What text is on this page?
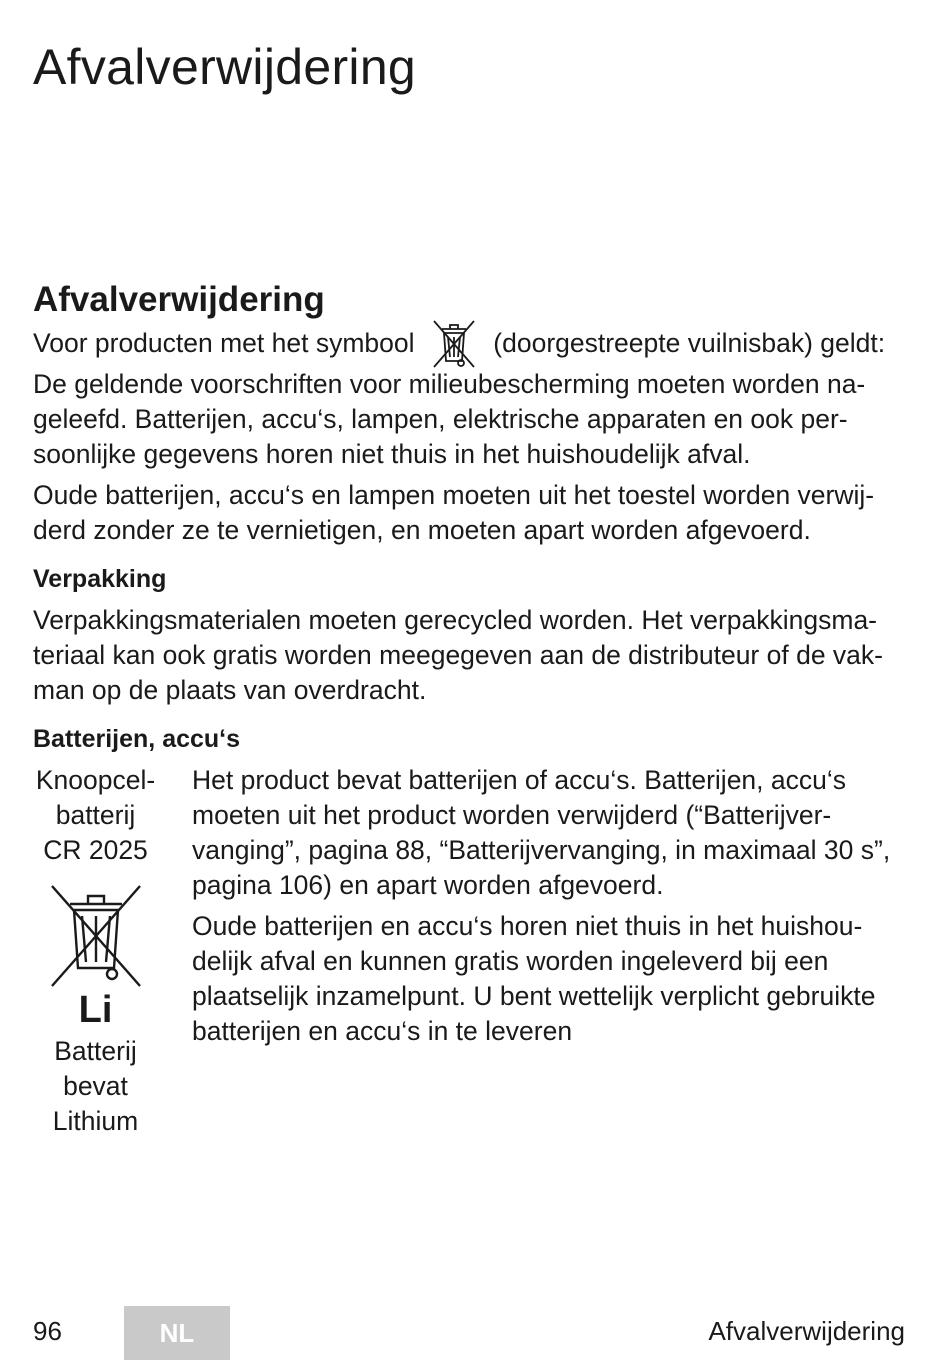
Afvalverwijdering
Afvalverwijdering

Voor producten met het symbool	(doorgestreepte vuilnisbak) geldt:

De geldende voorschriften voor milieubescherming moeten worden na-geleefd. Batterijen, accu‘s, lampen, elektrische apparaten en ook per-soonlijke gegevens horen niet thuis in het huishoudelijk afval.

Oude batterijen, accu‘s en lampen moeten uit het toestel worden verwij-derd zonder ze te vernietigen, en moeten apart worden afgevoerd.

Verpakking

Verpakkingsmaterialen moeten gerecycled worden. Het verpakkingsma-teriaal kan ook gratis worden meegegeven aan de distributeur of de vak-man op de plaats van overdracht.

Batterijen, accu‘s
Knoopcel-
batterij
CR 2025
Li
Batterij
bevat
Lithium

Het product bevat batterijen of accu‘s. Batterijen, accu‘s moeten uit het product worden verwijderd (“Batterijver-vanging”, pagina 88, “Batterijvervanging, in maximaal 30 s”, pagina 106) en apart worden afgevoerd.

Oude batterijen en accu‘s horen niet thuis in het huishou-delijk afval en kunnen gratis worden ingeleverd bij een plaatselijk inzamelpunt. U bent wettelijk verplicht gebruikte batterijen en accu‘s in te leveren

96	NL	Afvalverwijdering
